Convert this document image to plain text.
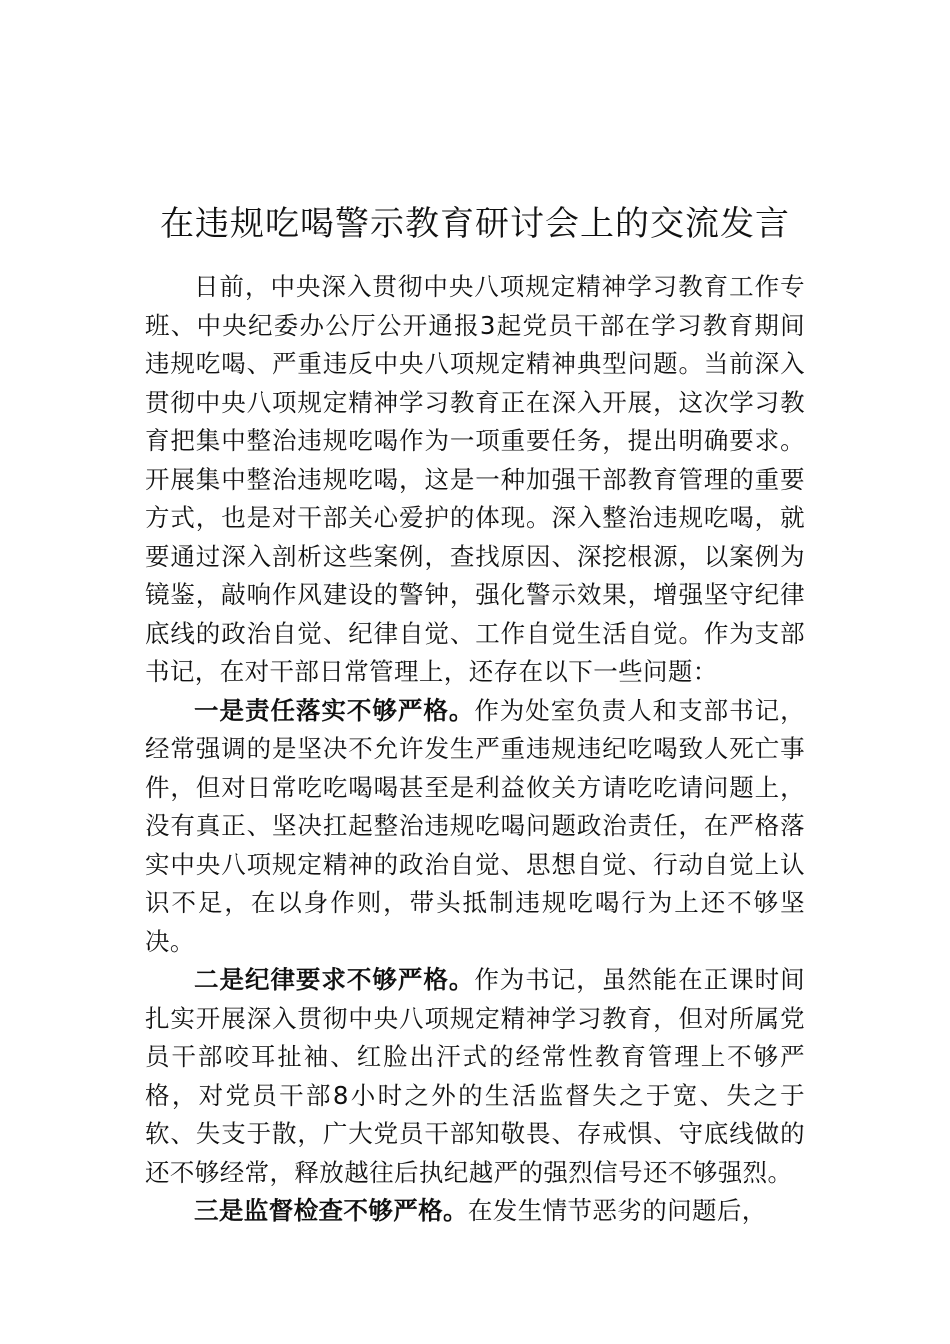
在违规吃喝警示教育研讨会上的交流发言

日前，中央深入贯彻中央八项规定精神学习教育工作专班、中央纪委办公厅公开通报3起党员干部在学习教育期间违规吃喝、严重违反中央八项规定精神典型问题。当前深入贯彻中央八项规定精神学习教育正在深入开展，这次学习教育把集中整治违规吃喝作为一项重要任务，提出明确要求。开展集中整治违规吃喝，这是一种加强干部教育管理的重要方式，也是对干部关心爱护的体现。深入整治违规吃喝，就要通过深入剖析这些案例，查找原因、深挖根源，以案例为镜鉴，敲响作风建设的警钟，强化警示效果，增强坚守纪律底线的政治自觉、纪律自觉、工作自觉生活自觉。作为支部书记，在对干部日常管理上，还存在以下一些问题：

一是责任落实不够严格。作为处室负责人和支部书记，经常强调的是坚决不允许发生严重违规违纪吃喝致人死亡事件，但对日常吃吃喝喝甚至是利益攸关方请吃吃请问题上，没有真正、坚决扛起整治违规吃喝问题政治责任，在严格落实中央八项规定精神的政治自觉、思想自觉、行动自觉上认识不足，在以身作则，带头抵制违规吃喝行为上还不够坚决。

二是纪律要求不够严格。作为书记，虽然能在正课时间扎实开展深入贯彻中央八项规定精神学习教育，但对所属党员干部咬耳扯袖、红脸出汗式的经常性教育管理上不够严格，对党员干部8小时之外的生活监督失之于宽、失之于软、失支于散，广大党员干部知敬畏、存戒惧、守底线做的还不够经常，释放越往后执纪越严的强烈信号还不够强烈。

三是监督检查不够严格。在发生情节恶劣的问题后，
